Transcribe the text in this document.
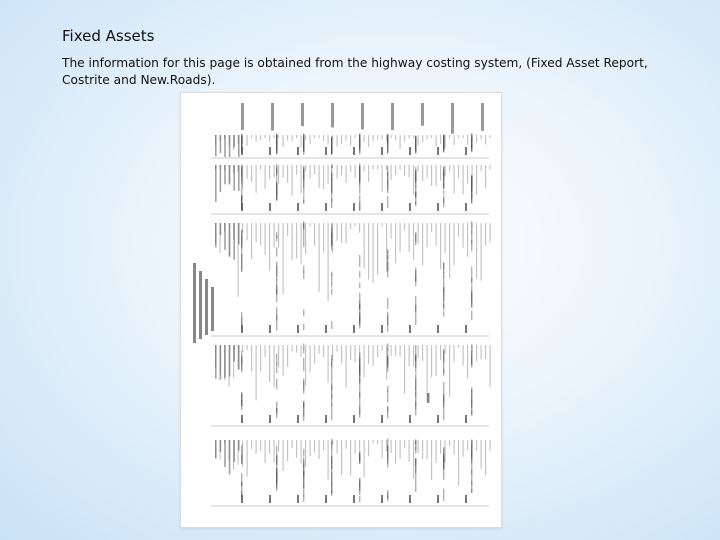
Fixed Assets

The information for this page is obtained from the highway costing system, (Fixed Asset Report, Costrite and New.Roads).
